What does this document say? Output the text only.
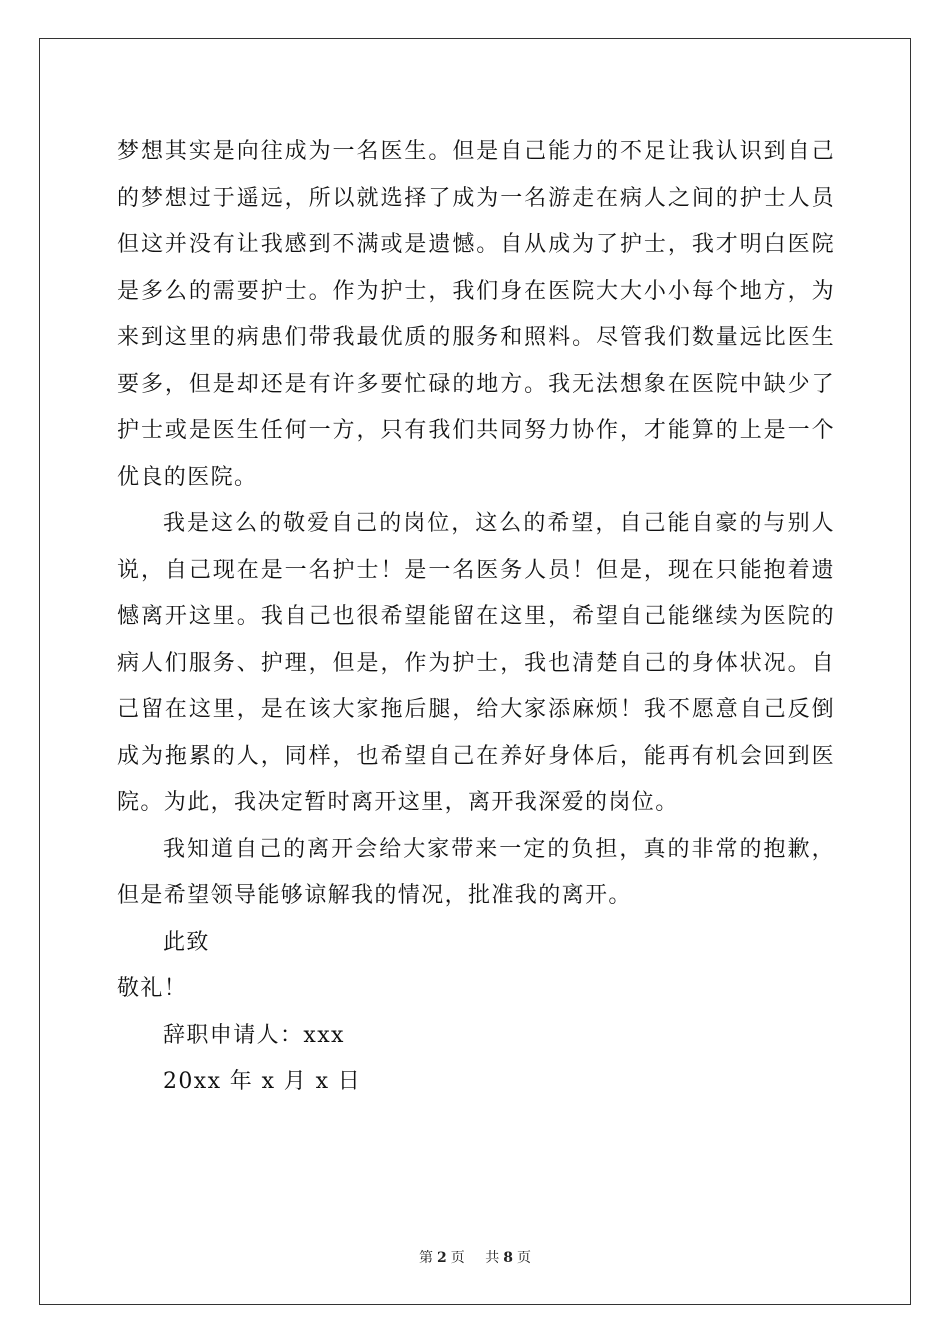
梦想其实是向往成为一名医生。但是自己能力的不足让我认识到自己的梦想过于遥远，所以就选择了成为一名游走在病人之间的护士人员但这并没有让我感到不满或是遗憾。自从成为了护士，我才明白医院是多么的需要护士。作为护士，我们身在医院大大小小每个地方，为来到这里的病患们带我最优质的服务和照料。尽管我们数量远比医生要多，但是却还是有许多要忙碌的地方。我无法想象在医院中缺少了护士或是医生任何一方，只有我们共同努力协作，才能算的上是一个优良的医院。

我是这么的敬爱自己的岗位，这么的希望，自己能自豪的与别人说，自己现在是一名护士！是一名医务人员！但是，现在只能抱着遗憾离开这里。我自己也很希望能留在这里，希望自己能继续为医院的病人们服务、护理，但是，作为护士，我也清楚自己的身体状况。自己留在这里，是在该大家拖后腿，给大家添麻烦！我不愿意自己反倒成为拖累的人，同样，也希望自己在养好身体后，能再有机会回到医院。为此，我决定暂时离开这里，离开我深爱的岗位。

我知道自己的离开会给大家带来一定的负担，真的非常的抱歉，但是希望领导能够谅解我的情况，批准我的离开。

此致

敬礼！

辞职申请人：xxx

20xx 年 x 月 x 日

第 2 页 共 8 页
